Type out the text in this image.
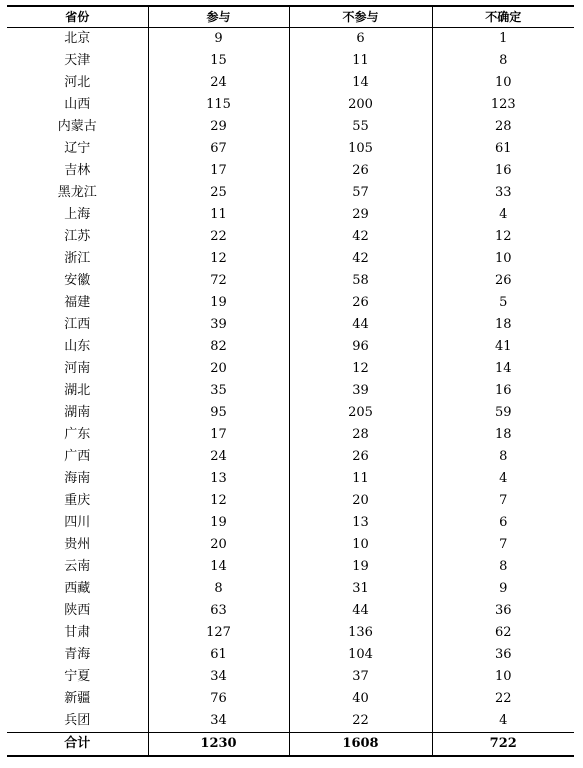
省份	参与	不参与	不确定
北京	9	6	1
天津	15	11	8
河北	24	14	10
山西	115	200	123
内蒙古	29	55	28
辽宁	67	105	61
吉林	17	26	16
黑龙江	25	57	33
上海	11	29	4
江苏	22	42	12
浙江	12	42	10
安徽	72	58	26
福建	19	26	5
江西	39	44	18
山东	82	96	41
河南	20	12	14
湖北	35	39	16
湖南	95	205	59
广东	17	28	18
广西	24	26	8
海南	13	11	4
重庆	12	20	7
四川	19	13	6
贵州	20	10	7
云南	14	19	8
西藏	8	31	9
陕西	63	44	36
甘肃	127	136	62
青海	61	104	36
宁夏	34	37	10
新疆	76	40	22
兵团	34	22	4
合计	1230	1608	722
